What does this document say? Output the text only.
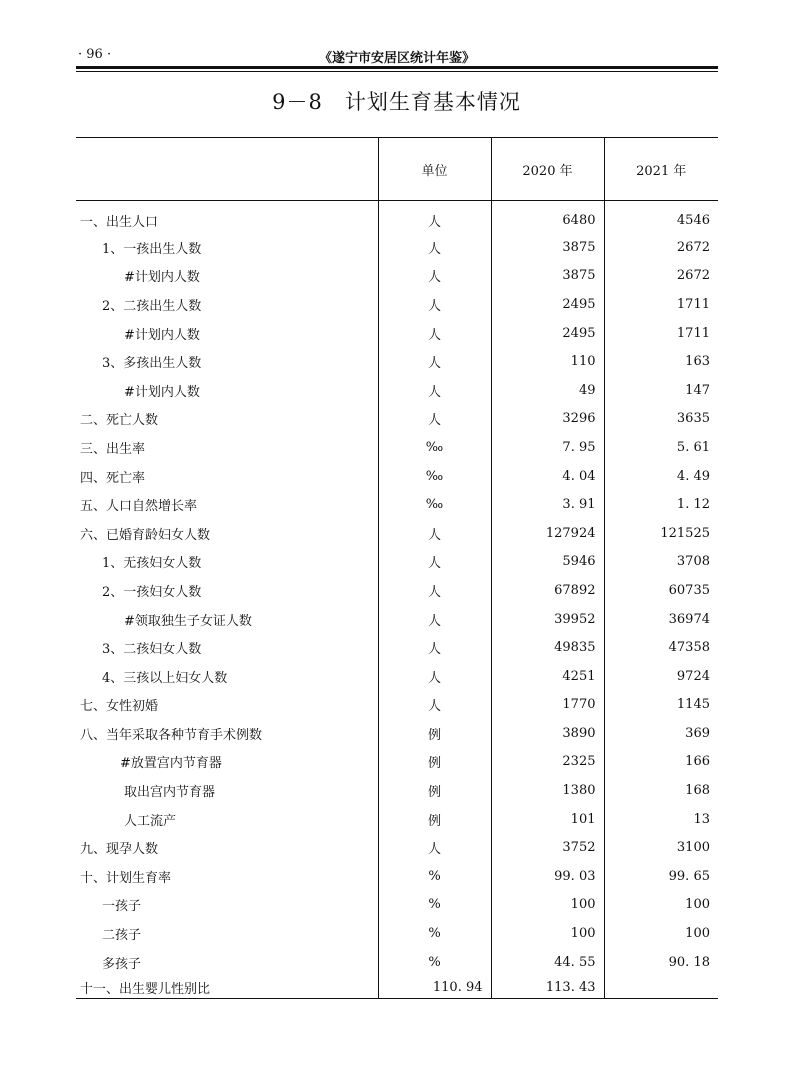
· 96 ·	《遂宁市安居区统计年鉴》
9－8　计划生育基本情况
	单位	2020 年	2021 年
一、出生人口	人	6480	4546
1、一孩出生人数	人	3875	2672
#计划内人数	人	3875	2672
2、二孩出生人数	人	2495	1711
#计划内人数	人	2495	1711
3、多孩出生人数	人	110	163
#计划内人数	人	49	147
二、死亡人数	人	3296	3635
三、出生率	‰	7. 95	5. 61
四、死亡率	‰	4. 04	4. 49
五、人口自然增长率	‰	3. 91	1. 12
六、已婚育龄妇女人数	人	127924	121525
1、无孩妇女人数	人	5946	3708
2、一孩妇女人数	人	67892	60735
#领取独生子女证人数	人	39952	36974
3、二孩妇女人数	人	49835	47358
4、三孩以上妇女人数	人	4251	9724
七、女性初婚	人	1770	1145
八、当年采取各种节育手术例数	例	3890	369
#放置宫内节育器	例	2325	166
取出宫内节育器	例	1380	168
人工流产	例	101	13
九、现孕人数	人	3752	3100
十、计划生育率	%	99. 03	99. 65
一孩子	%	100	100
二孩子	%	100	100
多孩子	%	44. 55	90. 18
十一、出生婴儿性别比	110. 94	113. 43	
